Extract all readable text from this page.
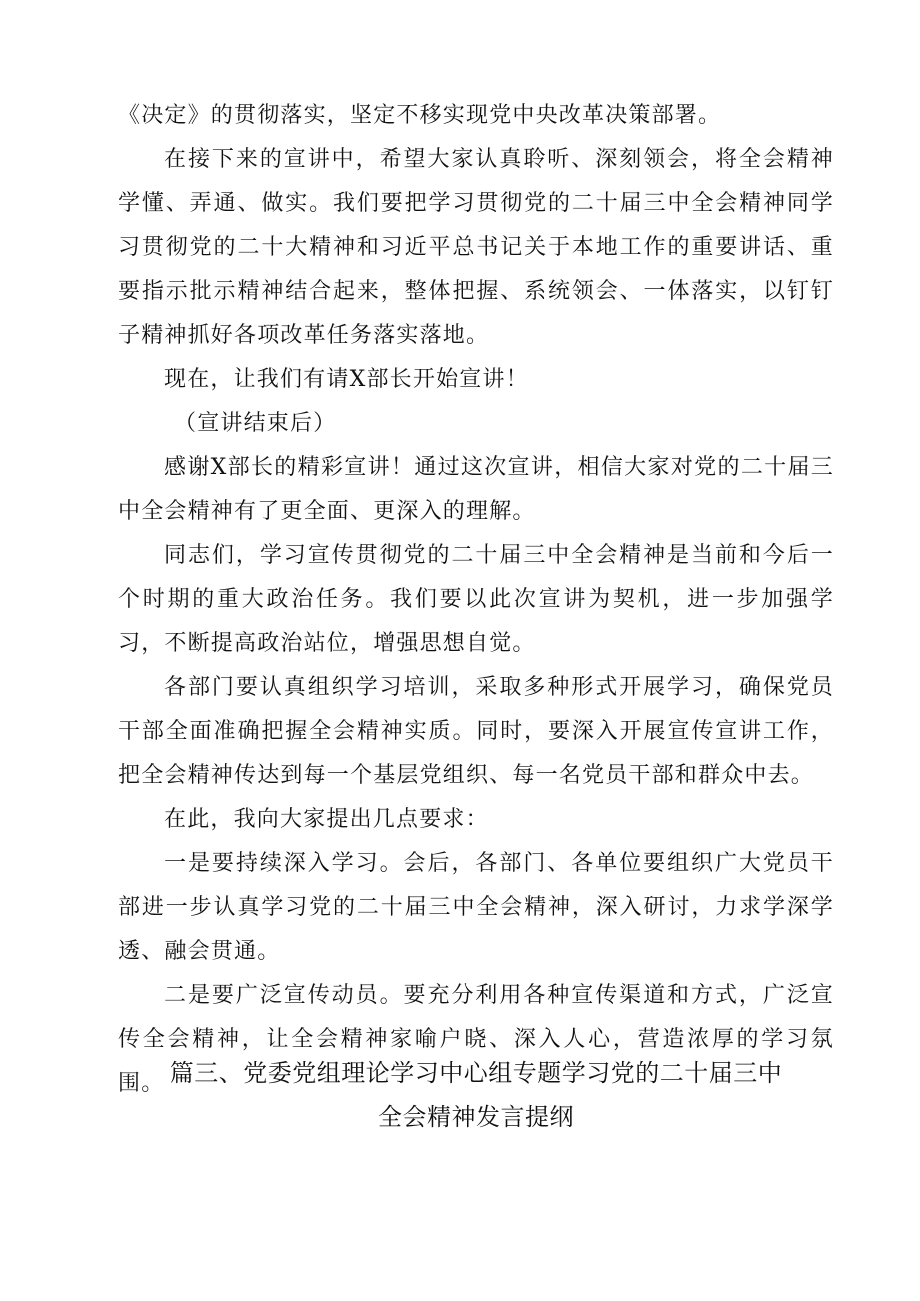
《决定》的贯彻落实，坚定不移实现党中央改革决策部署。

在接下来的宣讲中，希望大家认真聆听、深刻领会，将全会精神学懂、弄通、做实。我们要把学习贯彻党的二十届三中全会精神同学习贯彻党的二十大精神和习近平总书记关于本地工作的重要讲话、重要指示批示精神结合起来，整体把握、系统领会、一体落实，以钉钉子精神抓好各项改革任务落实落地。

现在，让我们有请X部长开始宣讲！

（宣讲结束后）

感谢X部长的精彩宣讲！通过这次宣讲，相信大家对党的二十届三中全会精神有了更全面、更深入的理解。

同志们，学习宣传贯彻党的二十届三中全会精神是当前和今后一个时期的重大政治任务。我们要以此次宣讲为契机，进一步加强学习，不断提高政治站位，增强思想自觉。

各部门要认真组织学习培训，采取多种形式开展学习，确保党员干部全面准确把握全会精神实质。同时，要深入开展宣传宣讲工作，把全会精神传达到每一个基层党组织、每一名党员干部和群众中去。

在此，我向大家提出几点要求：

一是要持续深入学习。会后，各部门、各单位要组织广大党员干部进一步认真学习党的二十届三中全会精神，深入研讨，力求学深学透、融会贯通。

二是要广泛宣传动员。要充分利用各种宣传渠道和方式，广泛宣传全会精神，让全会精神家喻户晓、深入人心，营造浓厚的学习氛围。 篇三、党委党组理论学习中心组专题学习党的二十届三中
全会精神发言提纲
